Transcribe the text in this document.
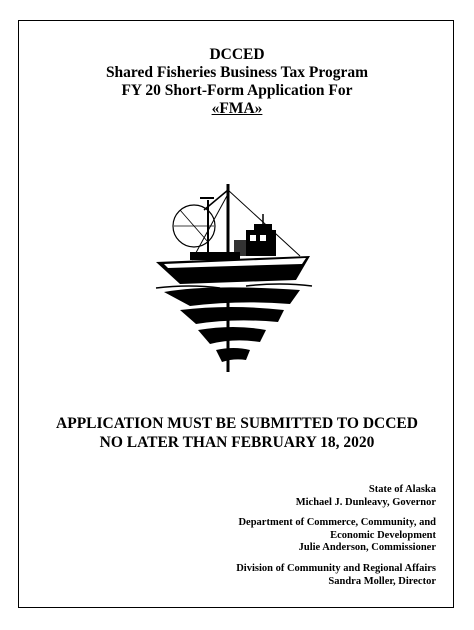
DCCED
Shared Fisheries Business Tax Program
FY 20 Short-Form Application For
«FMA»
APPLICATION MUST BE SUBMITTED TO DCCED
NO LATER THAN FEBRUARY 18, 2020
State of Alaska
Michael J. Dunleavy, Governor
Department of Commerce, Community, and
Economic Development
Julie Anderson, Commissioner
Division of Community and Regional Affairs
Sandra Moller, Director
